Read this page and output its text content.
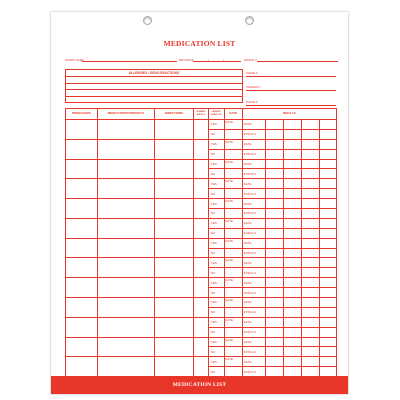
MEDICATION LIST
PATIENT NAME	BIRTHDATE	/	/	PATIENT #
ALLERGIES • DRUG REACTIONS	PHONE #
PHARMACY
PHONE #
PROBLEM(S)	MEDICATION/STRENGTH	DIRECTIONS	NUMBER REFILLS	GENERIC SUBST OK	DATE	REFILLS				
				YES	DATE	DATE				
				NO		INITIALS				
				YES	DATE	DATE				
				NO		INITIALS				
				YES	DATE	DATE				
				NO		INITIALS				
				YES	DATE	DATE				
				NO		INITIALS				
				YES	DATE	DATE				
				NO		INITIALS				
				YES	DATE	DATE				
				NO		INITIALS				
				YES	DATE	DATE				
				NO		INITIALS				
				YES	DATE	DATE				
				NO		INITIALS				
				YES	DATE	DATE				
				NO		INITIALS				
				YES	DATE	DATE				
				NO		INITIALS				
				YES	DATE	DATE				
				NO		INITIALS				
				YES	DATE	DATE				
				NO		INITIALS				
				YES	DATE	DATE				
				NO		INITIALS				
MEDICATION LIST
